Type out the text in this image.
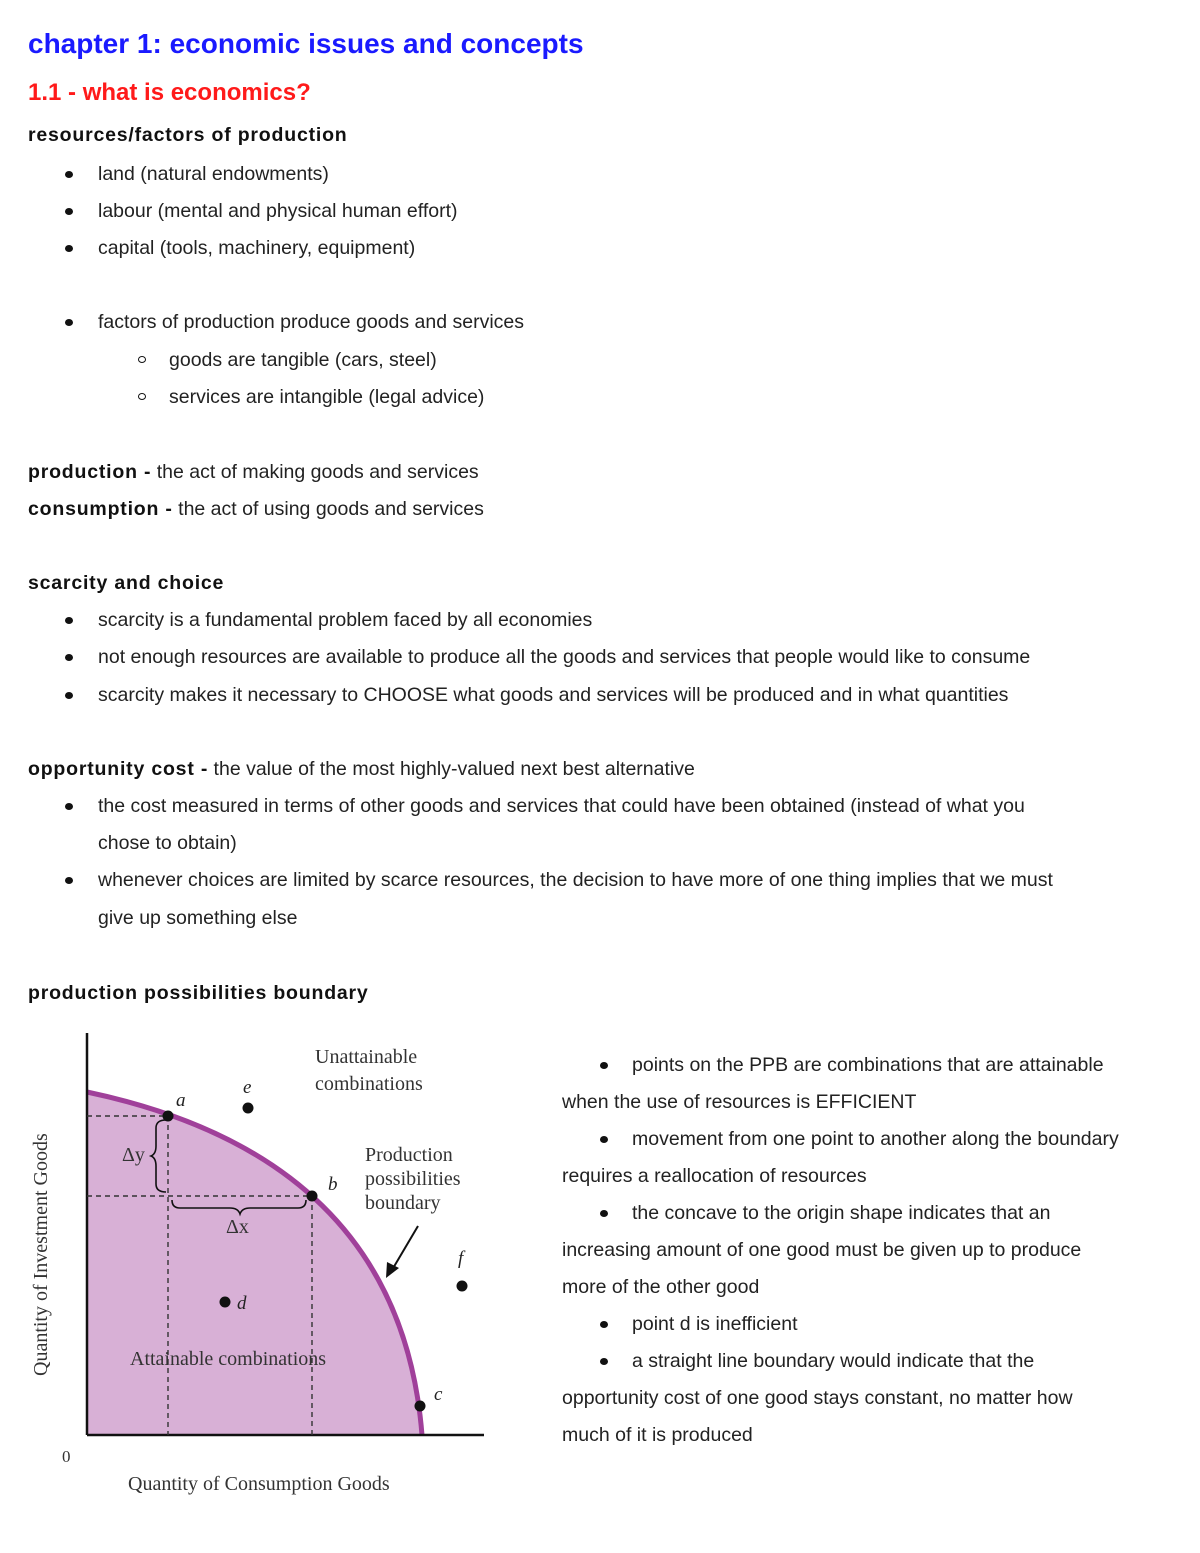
chapter 1: economic issues and concepts
1.1 - what is economics?
resources/factors of production
land (natural endowments)
labour (mental and physical human effort)
capital (tools, machinery, equipment)
factors of production produce goods and services
goods are tangible (cars, steel)
services are intangible (legal advice)
production - the act of making goods and services
consumption - the act of using goods and services
scarcity and choice
scarcity is a fundamental problem faced by all economies
not enough resources are available to produce all the goods and services that people would like to consume
scarcity makes it necessary to CHOOSE what goods and services will be produced and in what quantities
opportunity cost - the value of the most highly-valued next best alternative
the cost measured in terms of other goods and services that could have been obtained (instead of what you
chose to obtain)
whenever choices are limited by scarce resources, the decision to have more of one thing implies that we must
give up something else
production possibilities boundary
a
b
c
d
e
f
Unattainable
combinations
Production
possibilities
boundary
Attainable combinations
Δy
Δx
0
Quantity of Consumption Goods
Quantity of Investment Goods
points on the PPB are combinations that are attainable
when the use of resources is EFFICIENT
movement from one point to another along the boundary
requires a reallocation of resources
the concave to the origin shape indicates that an
increasing amount of one good must be given up to produce
more of the other good
point d is inefficient
a straight line boundary would indicate that the
opportunity cost of one good stays constant, no matter how
much of it is produced
